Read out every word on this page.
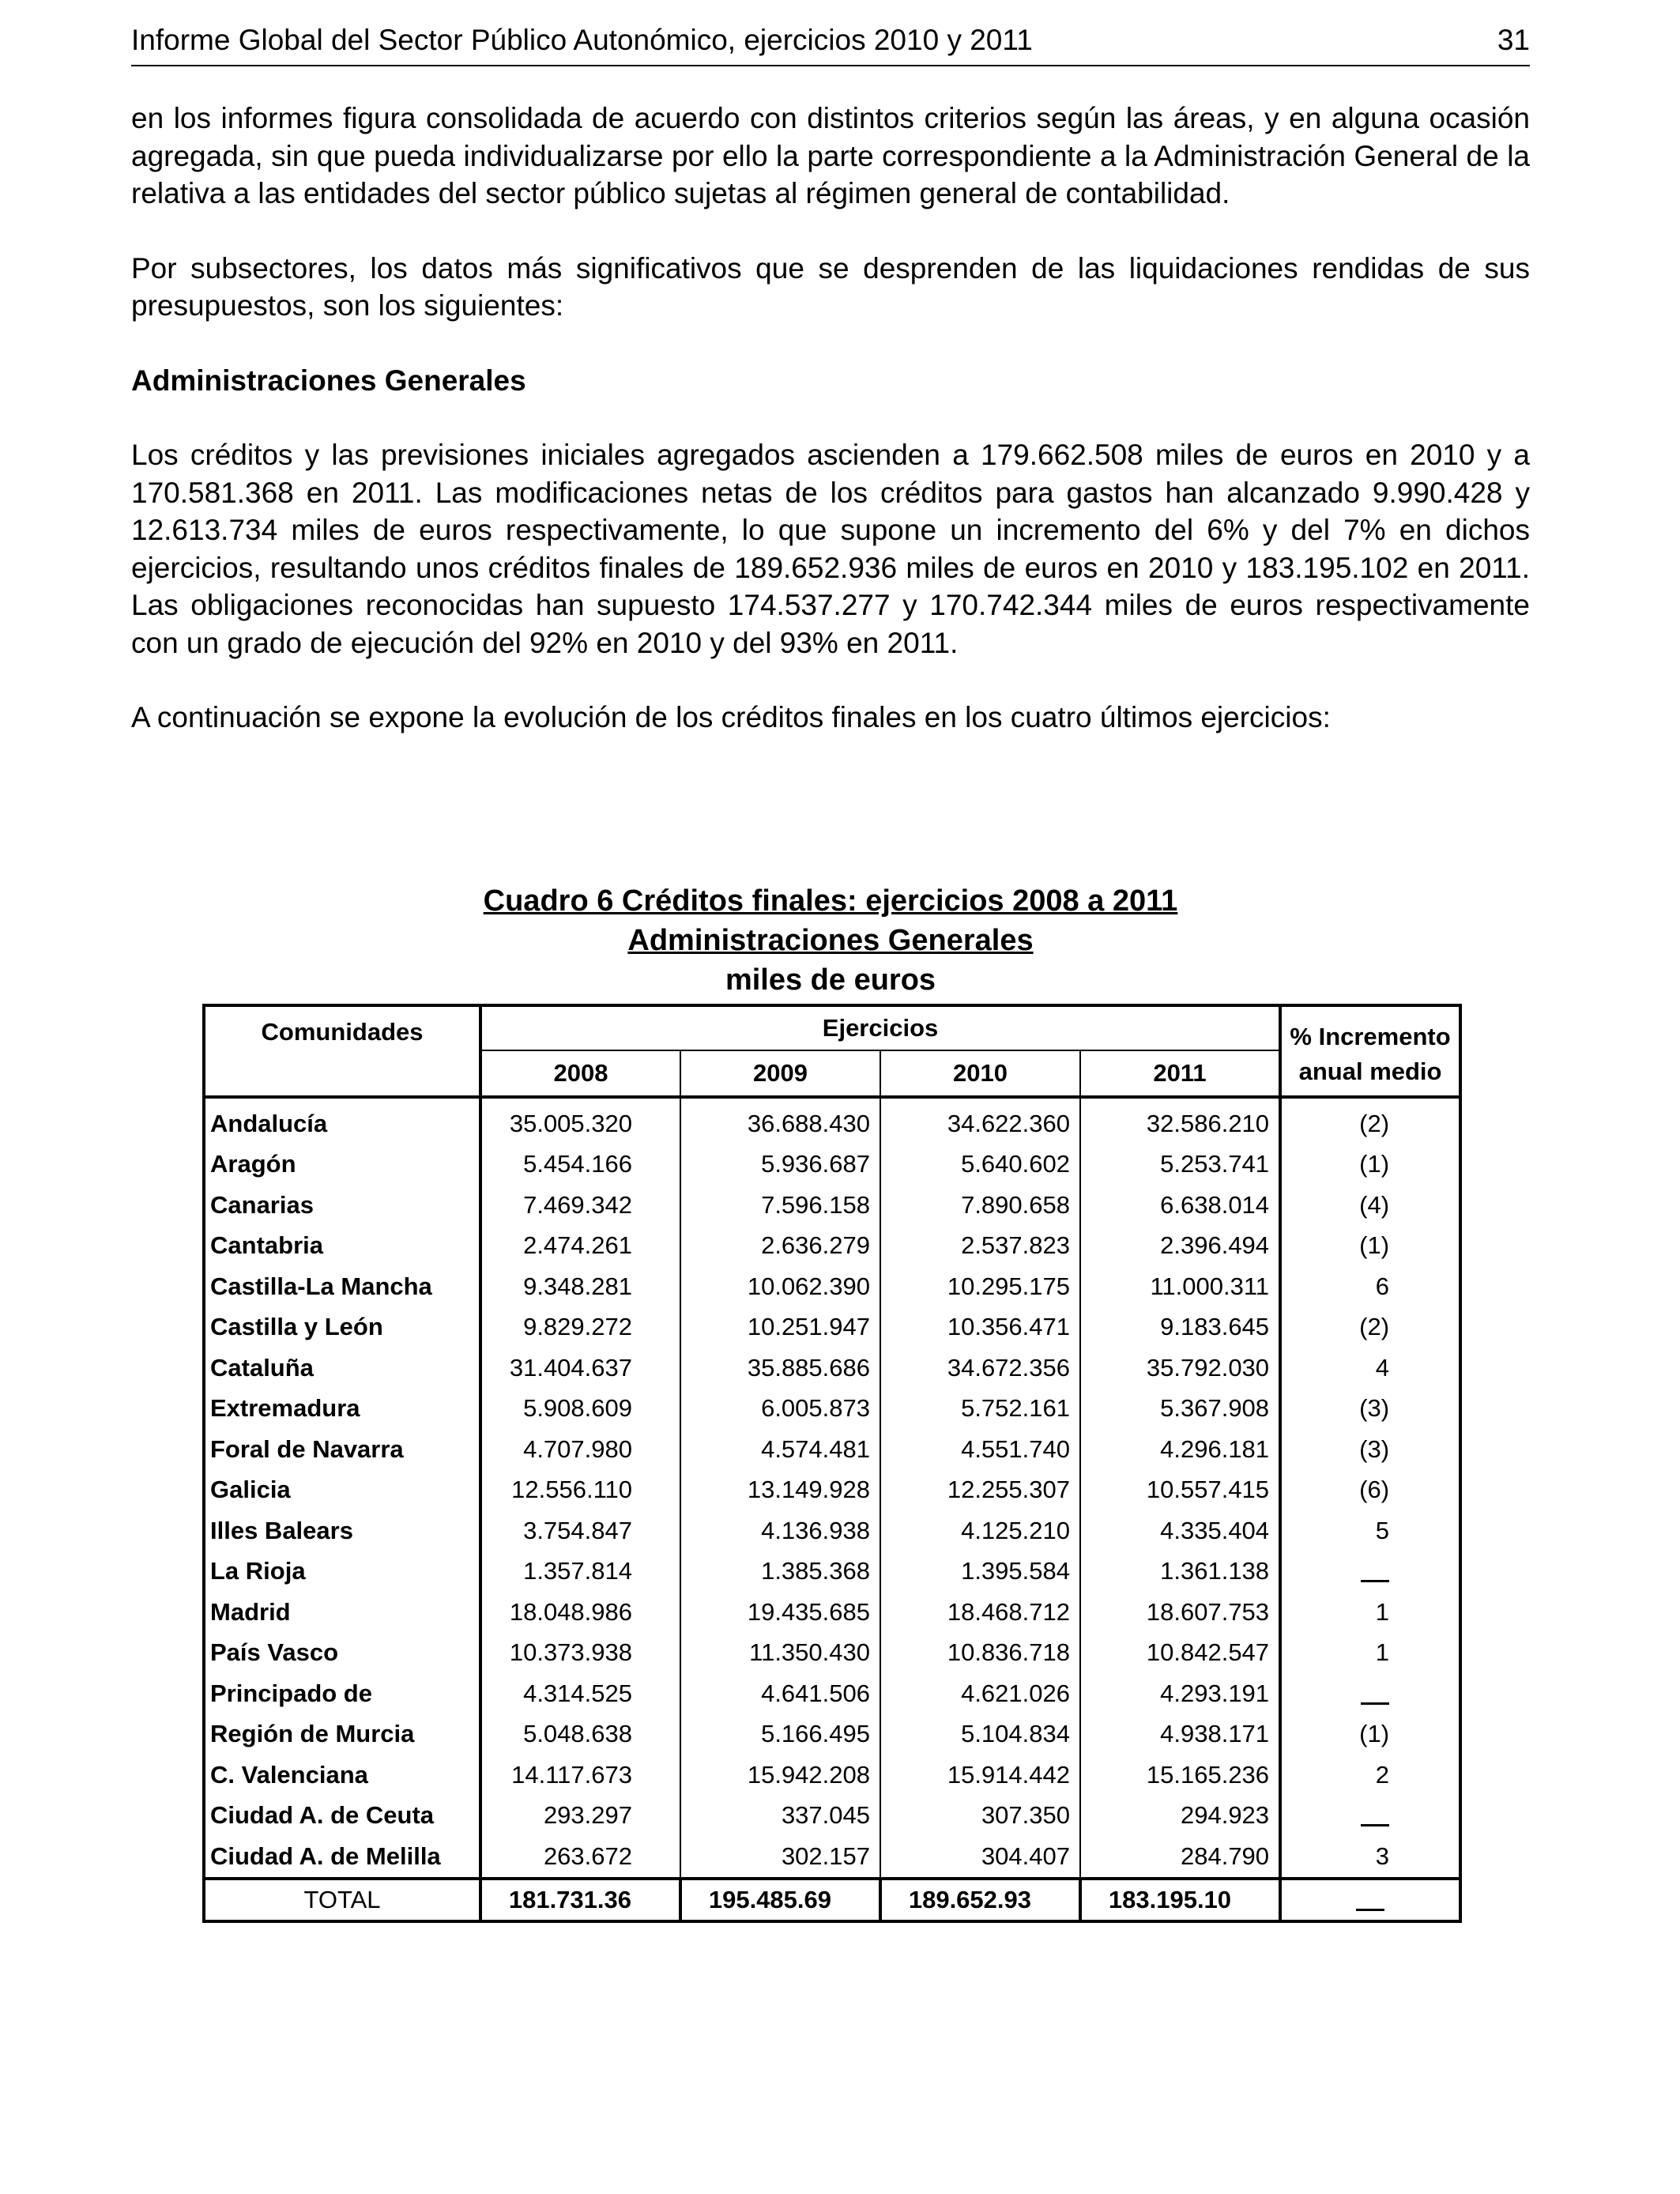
Informe Global del Sector Público Autonómico, ejercicios 2010 y 2011	31

en los informes figura consolidada de acuerdo con distintos criterios según las áreas, y en alguna ocasión agregada, sin que pueda individualizarse por ello la parte correspondiente a la Administración General de la relativa a las entidades del sector público sujetas al régimen general de contabilidad.

Por subsectores, los datos más significativos que se desprenden de las liquidaciones rendidas de sus presupuestos, son los siguientes:

Administraciones Generales

Los créditos y las previsiones iniciales agregados ascienden a 179.662.508 miles de euros en 2010 y a 170.581.368 en 2011. Las modificaciones netas de los créditos para gastos han alcanzado 9.990.428 y 12.613.734 miles de euros respectivamente, lo que supone un incremento del 6% y del 7% en dichos ejercicios, resultando unos créditos finales de 189.652.936 miles de euros en 2010 y 183.195.102 en 2011. Las obligaciones reconocidas han supuesto 174.537.277 y 170.742.344 miles de euros respectivamente con un grado de ejecución del 92% en 2010 y del 93% en 2011.

A continuación se expone la evolución de los créditos finales en los cuatro últimos ejercicios:

Cuadro 6 Créditos finales: ejercicios 2008 a 2011
Administraciones Generales
miles de euros
Comunidades	Ejercicios				% Incremento
anual medio
	2008	2009	2010	2011	
Andalucía	35.005.320	36.688.430	34.622.360	32.586.210	(2)
Aragón	5.454.166	5.936.687	5.640.602	5.253.741	(1)
Canarias	7.469.342	7.596.158	7.890.658	6.638.014	(4)
Cantabria	2.474.261	2.636.279	2.537.823	2.396.494	(1)
Castilla-La Mancha	9.348.281	10.062.390	10.295.175	11.000.311	6
Castilla y León	9.829.272	10.251.947	10.356.471	9.183.645	(2)
Cataluña	31.404.637	35.885.686	34.672.356	35.792.030	4
Extremadura	5.908.609	6.005.873	5.752.161	5.367.908	(3)
Foral de Navarra	4.707.980	4.574.481	4.551.740	4.296.181	(3)
Galicia	12.556.110	13.149.928	12.255.307	10.557.415	(6)
Illes Balears	3.754.847	4.136.938	4.125.210	4.335.404	5
La Rioja	1.357.814	1.385.368	1.395.584	1.361.138	
Madrid	18.048.986	19.435.685	18.468.712	18.607.753	1
País Vasco	10.373.938	11.350.430	10.836.718	10.842.547	1
Principado de	4.314.525	4.641.506	4.621.026	4.293.191	
Región de Murcia	5.048.638	5.166.495	5.104.834	4.938.171	(1)
C. Valenciana	14.117.673	15.942.208	15.914.442	15.165.236	2
Ciudad A. de Ceuta	293.297	337.045	307.350	294.923	
Ciudad A. de Melilla	263.672	302.157	304.407	284.790	3
TOTAL	181.731.36	195.485.69	189.652.93	183.195.10	
